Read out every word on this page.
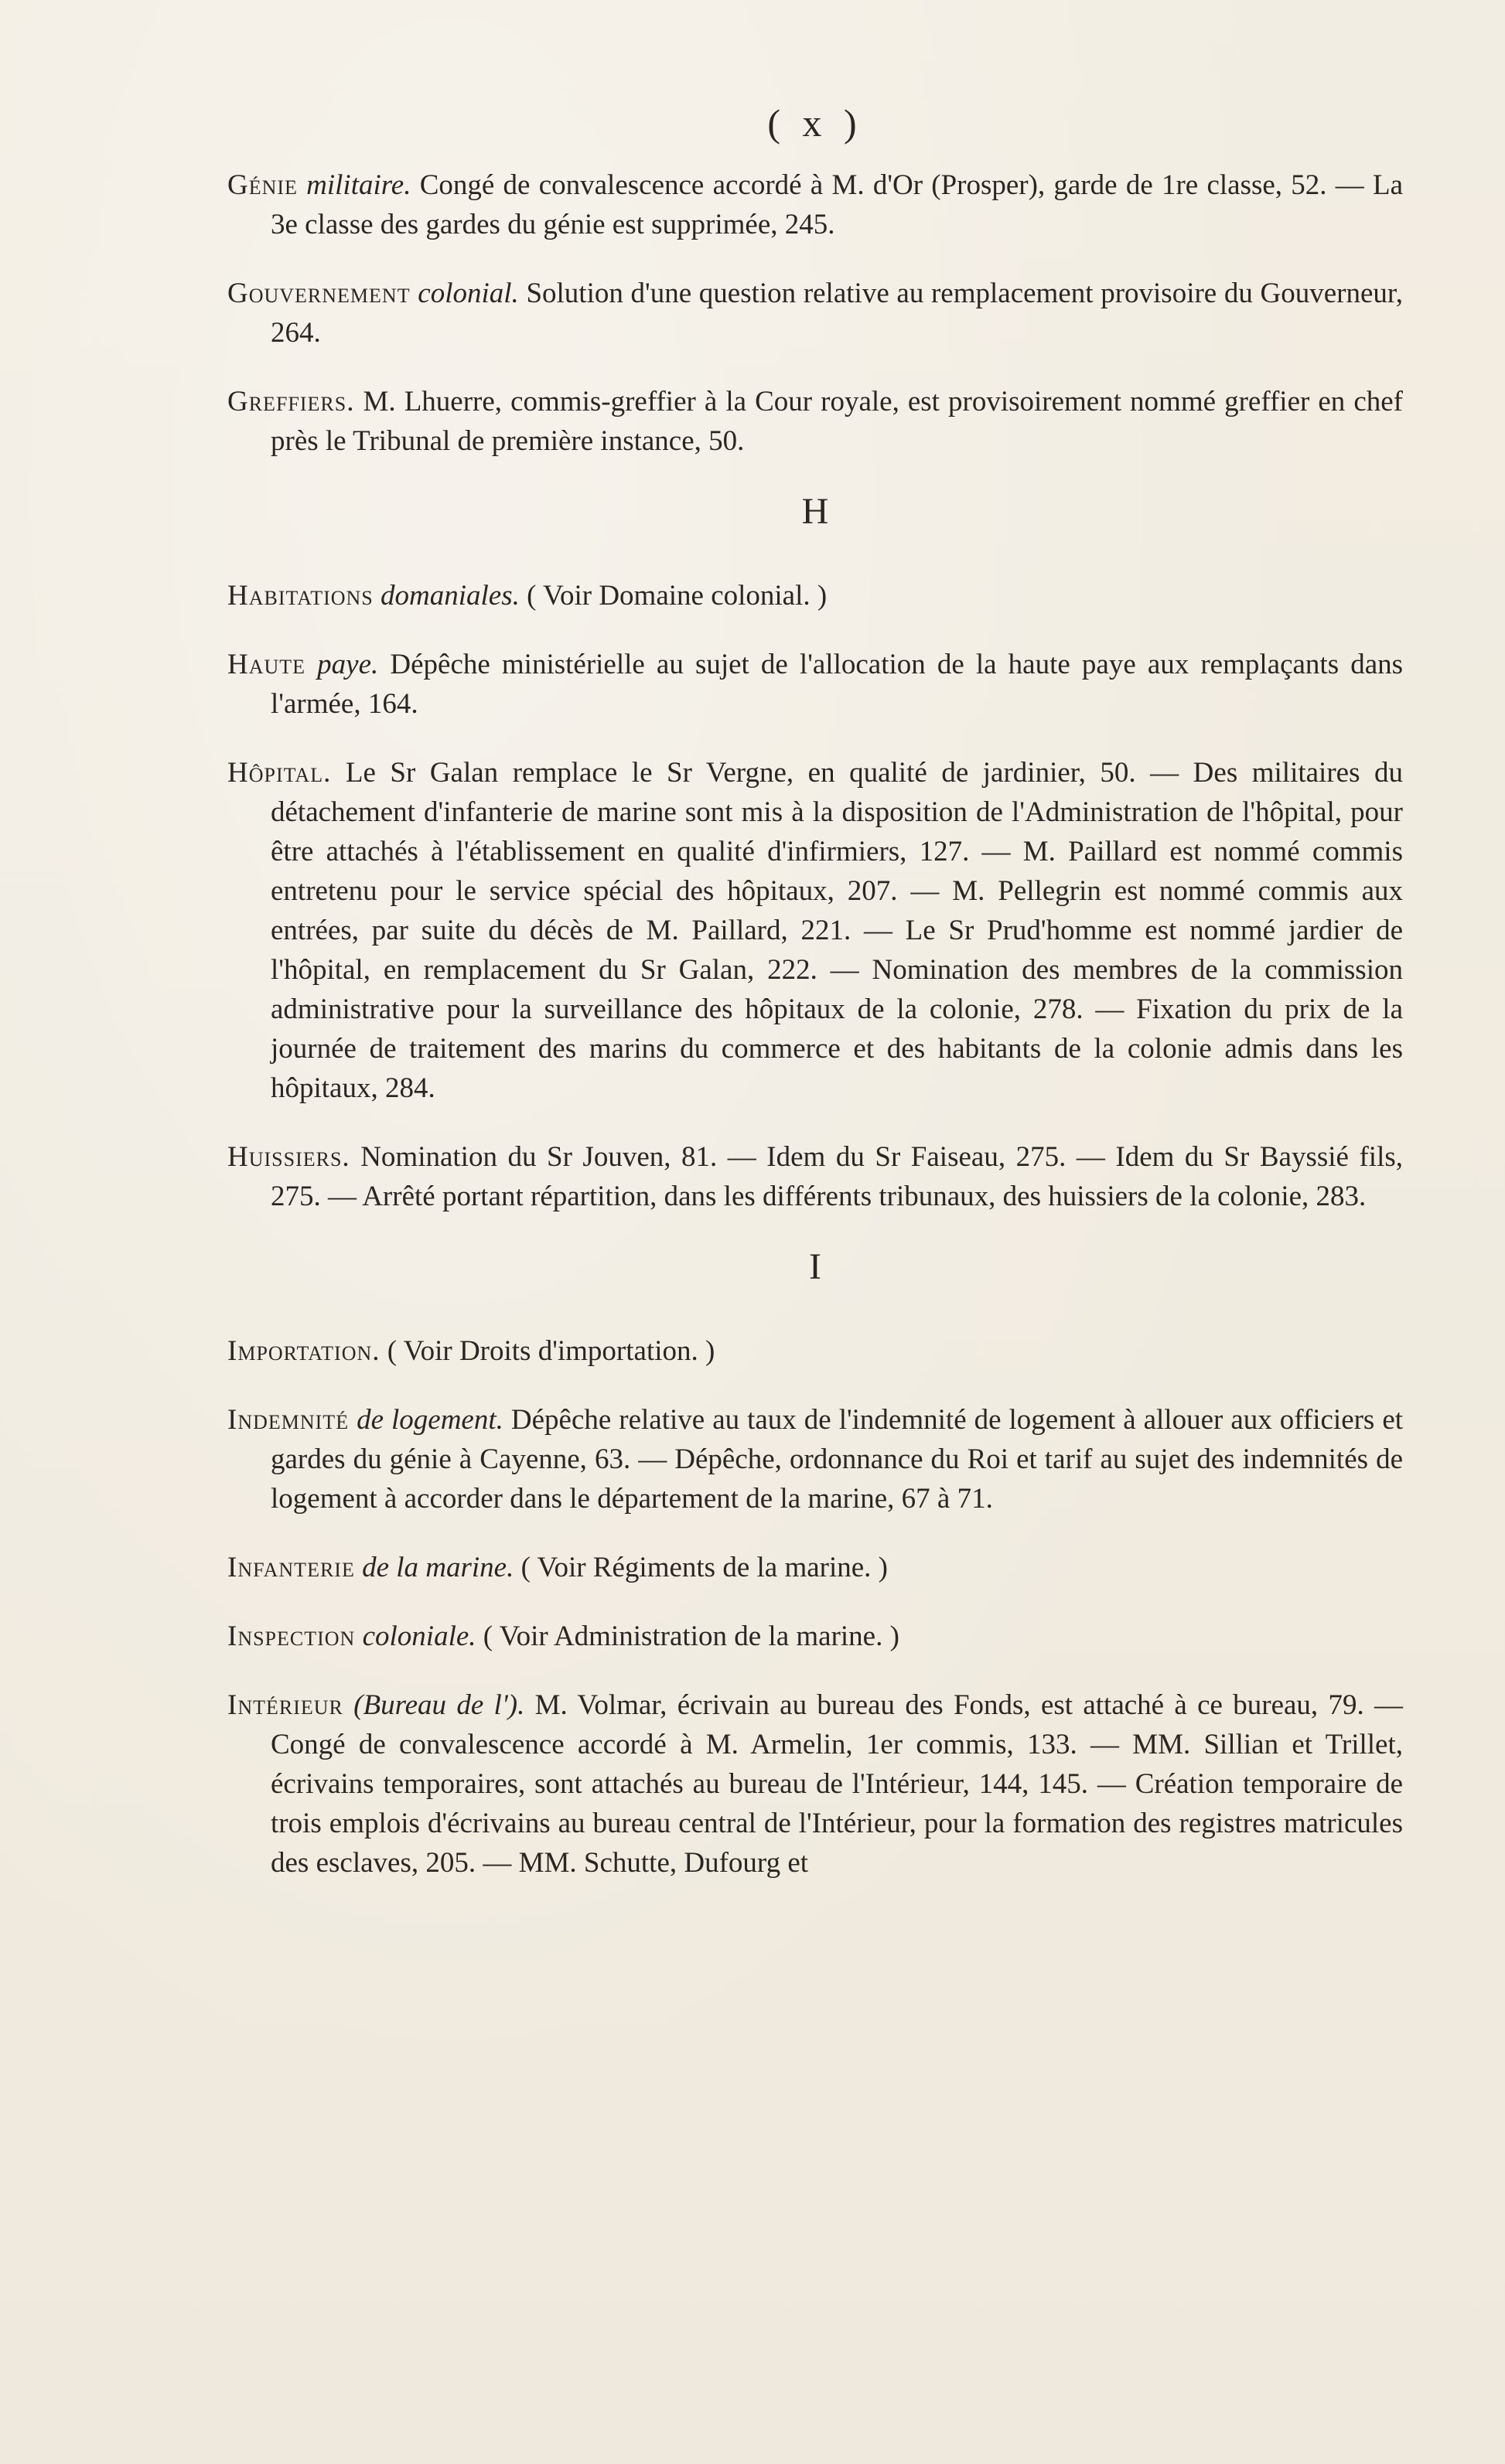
( x )

Génie militaire. Congé de convalescence accordé à M. d'Or (Prosper), garde de 1re classe, 52. — La 3e classe des gardes du génie est supprimée, 245.

Gouvernement colonial. Solution d'une question relative au remplacement provisoire du Gouverneur, 264.

Greffiers. M. Lhuerre, commis-greffier à la Cour royale, est provisoirement nommé greffier en chef près le Tribunal de première instance, 50.

H

Habitations domaniales. ( Voir Domaine colonial. )

Haute paye. Dépêche ministérielle au sujet de l'allocation de la haute paye aux remplaçants dans l'armée, 164.

Hôpital. Le Sr Galan remplace le Sr Vergne, en qualité de jardinier, 50. — Des militaires du détachement d'infanterie de marine sont mis à la disposition de l'Administration de l'hôpital, pour être attachés à l'établissement en qualité d'infirmiers, 127. — M. Paillard est nommé commis entretenu pour le service spécial des hôpitaux, 207. — M. Pellegrin est nommé commis aux entrées, par suite du décès de M. Paillard, 221. — Le Sr Prud'homme est nommé jardier de l'hôpital, en remplacement du Sr Galan, 222. — Nomination des membres de la commission administrative pour la surveillance des hôpitaux de la colonie, 278. — Fixation du prix de la journée de traitement des marins du commerce et des habitants de la colonie admis dans les hôpitaux, 284.

Huissiers. Nomination du Sr Jouven, 81. — Idem du Sr Faiseau, 275. — Idem du Sr Bayssié fils, 275. — Arrêté portant répartition, dans les différents tribunaux, des huissiers de la colonie, 283.

I

Importation. ( Voir Droits d'importation. )

Indemnité de logement. Dépêche relative au taux de l'indemnité de logement à allouer aux officiers et gardes du génie à Cayenne, 63. — Dépêche, ordonnance du Roi et tarif au sujet des indemnités de logement à accorder dans le département de la marine, 67 à 71.

Infanterie de la marine. ( Voir Régiments de la marine. )

Inspection coloniale. ( Voir Administration de la marine. )

Intérieur (Bureau de l'). M. Volmar, écrivain au bureau des Fonds, est attaché à ce bureau, 79. — Congé de convalescence accordé à M. Armelin, 1er commis, 133. — MM. Sillian et Trillet, écrivains temporaires, sont attachés au bureau de l'Intérieur, 144, 145. — Création temporaire de trois emplois d'écrivains au bureau central de l'Intérieur, pour la formation des registres matricules des esclaves, 205. — MM. Schutte, Dufourg et
